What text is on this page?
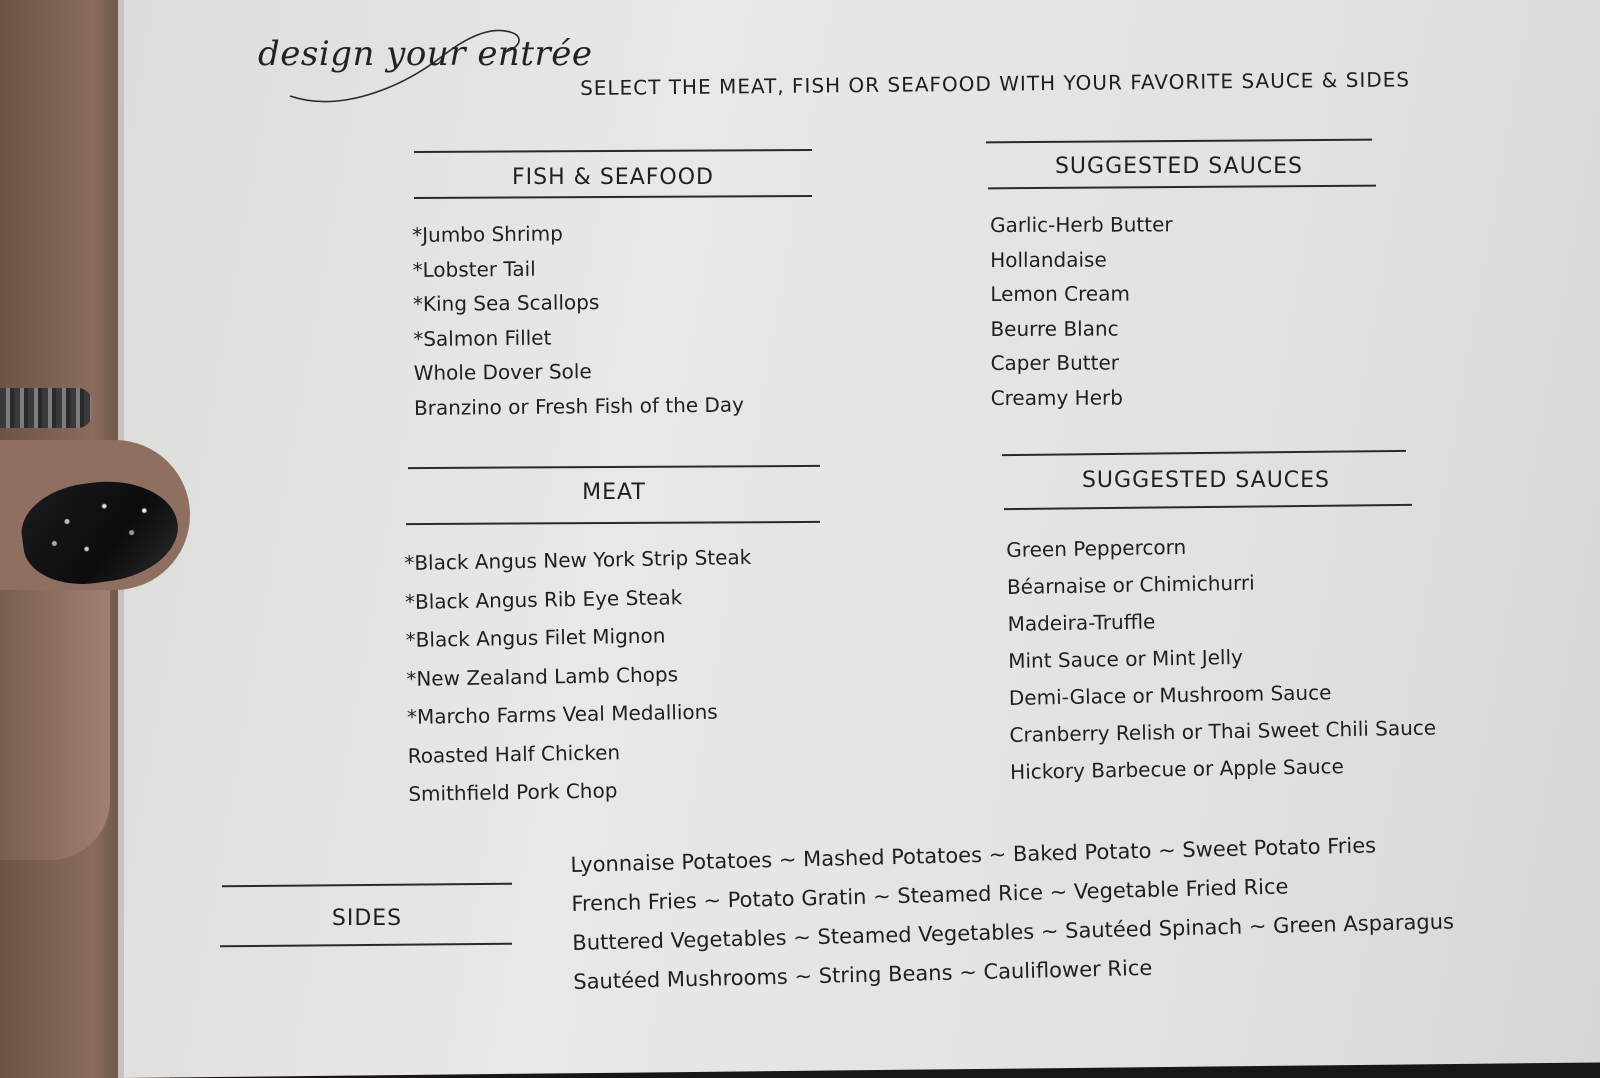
design your entrée
SELECT THE MEAT, FISH OR SEAFOOD WITH YOUR FAVORITE SAUCE & SIDES
FISH & SEAFOOD
*Jumbo Shrimp
*Lobster Tail
*King Sea Scallops
*Salmon Fillet
Whole Dover Sole
Branzino or Fresh Fish of the Day
SUGGESTED SAUCES
Garlic-Herb Butter
Hollandaise
Lemon Cream
Beurre Blanc
Caper Butter
Creamy Herb
MEAT
*Black Angus New York Strip Steak
*Black Angus Rib Eye Steak
*Black Angus Filet Mignon
*New Zealand Lamb Chops
*Marcho Farms Veal Medallions
Roasted Half Chicken
Smithfield Pork Chop
SUGGESTED SAUCES
Green Peppercorn
Béarnaise or Chimichurri
Madeira-Truffle
Mint Sauce or Mint Jelly
Demi-Glace or Mushroom Sauce
Cranberry Relish or Thai Sweet Chili Sauce
Hickory Barbecue or Apple Sauce
SIDES
Lyonnaise Potatoes ~ Mashed Potatoes ~ Baked Potato ~ Sweet Potato Fries
French Fries ~ Potato Gratin ~ Steamed Rice ~ Vegetable Fried Rice
Buttered Vegetables ~ Steamed Vegetables ~ Sautéed Spinach ~ Green Asparagus
Sautéed Mushrooms ~ String Beans ~ Cauliflower Rice
